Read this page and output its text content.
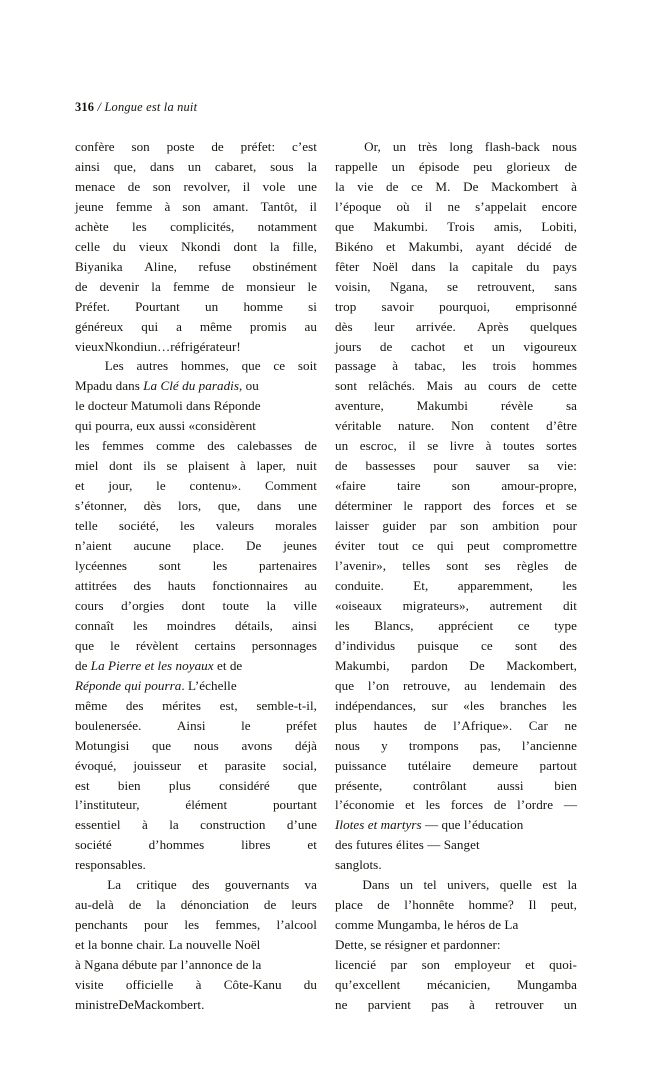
316 / Longue est la nuit
confère son poste de préfet: c’est
ainsi que, dans un cabaret, sous la
menace de son revolver, il vole une
jeune femme à son amant. Tantôt, il
achète les complicités, notamment
celle du vieux Nkondi dont la fille,
Biyanika Aline, refuse obstinément
de devenir la femme de monsieur le
Préfet. Pourtant un homme si
généreux qui a même promis au
vieux Nkondi un… réfrigérateur!
Les autres hommes, que ce soit
Mpadu dans La Clé du paradis , ou
le docteur Matumoli dans Réponde
qui pourra , eux aussi «considèrent
les femmes comme des calebasses de
miel dont ils se plaisent à laper, nuit
et jour, le contenu». Comment
s’étonner, dès lors, que, dans une
telle société, les valeurs morales
n’aient aucune place. De jeunes
lycéennes sont les partenaires
attitrées des hauts fonctionnaires au
cours d’orgies dont toute la ville
connaît les moindres détails, ainsi
que le révèlent certains personnages
de La Pierre et les noyaux et de
Réponde qui pourra . L’échelle
même des mérites est, semble-t-il,
boulenersée.	Ainsi	le	préfet
Motungisi que nous avons déjà
évoqué, jouisseur et parasite social,
est bien plus considéré que
l’instituteur,	élément	pourtant
essentiel à la construction d’une
société	d’hommes	libres	et
responsables.
La critique des gouvernants va
au-delà de la dénonciation de leurs
penchants pour les femmes, l’alcool
et la bonne chair. La nouvelle Noël
à Ngana débute par l’annonce de la
visite officielle à Côte-Kanu du
ministre De Mackombert.
Or, un très long flash-back nous
rappelle un épisode peu glorieux de
la vie de ce M. De Mackombert à
l’époque où il ne s’appelait encore
que Makumbi. Trois amis, Lobiti,
Bikéno et Makumbi, ayant décidé de
fêter Noël dans la capitale du pays
voisin, Ngana, se retrouvent, sans
trop savoir pourquoi, emprisonné
dès leur arrivée. Après quelques
jours de cachot et un vigoureux
passage à tabac, les trois hommes
sont relâchés. Mais au cours de cette
aventure,	Makumbi	révèle	sa
véritable nature. Non content d’être
un escroc, il se livre à toutes sortes
de bassesses pour sauver sa vie:
«faire taire son amour-propre,
déterminer le rapport des forces et se
laisser guider par son ambition pour
éviter tout ce qui peut compromettre
l’avenir», telles sont ses règles de
conduite. Et, apparemment, les
«oiseaux migrateurs», autrement dit
les Blancs, apprécient ce type
d’individus puisque ce sont des
Makumbi, pardon De Mackombert,
que l’on retrouve, au lendemain des
indépendances, sur «les branches les
plus hautes de l’Afrique». Car ne
nous y trompons pas, l’ancienne
puissance tutélaire demeure partout
présente, contrôlant aussi bien
l’économie et les forces de l’ordre —
Ilotes et martyrs — que l’éducation
des futures élites — Sang et
sanglots .
Dans un tel univers, quelle est la
place de l’honnête homme? Il peut,
comme Mungamba, le héros de La
Dette , se résigner et pardonner:
licencié par son employeur et quoi-
qu’excellent mécanicien, Mungamba
ne parvient pas à retrouver un
